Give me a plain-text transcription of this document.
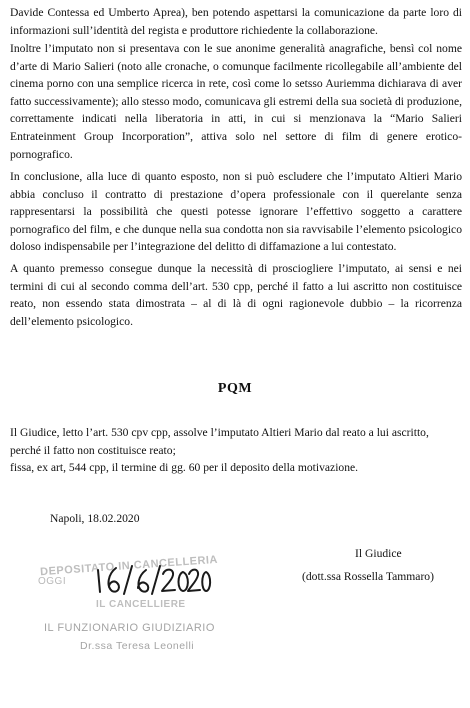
Davide Contessa ed Umberto Aprea), ben potendo aspettarsi la comunicazione da parte loro di informazioni sull’identità del regista e produttore richiedente la collaborazione.

Inoltre l’imputato non si presentava con le sue anonime generalità anagrafiche, bensì col nome d’arte di Mario Salieri (noto alle cronache, o comunque facilmente ricollegabile all’ambiente del cinema porno con una semplice ricerca in rete, così come lo setsso Auriemma dichiarava di aver fatto successivamente); allo stesso modo, comunicava gli estremi della sua società di produzione, correttamente indicati nella liberatoria in atti, in cui si menzionava la “Mario Salieri Entrateinment Group Incorporation”, attiva solo nel settore di film di genere erotico-pornografico.

In conclusione, alla luce di quanto esposto, non si può escludere che l’imputato Altieri Mario abbia concluso il contratto di prestazione d’opera professionale con il querelante senza rappresentarsi la possibilità che questi potesse ignorare l’effettivo soggetto a carattere pornografico del film, e che dunque nella sua condotta non sia ravvisabile l’elemento psicologico doloso indispensabile per l’integrazione del delitto di diffamazione a lui contestato.

A quanto premesso consegue dunque la necessità di prosciogliere l’imputato, ai sensi e nei termini di cui al secondo comma dell’art. 530 cpp, perché il fatto a lui ascritto non costituisce reato, non essendo stata dimostrata – al di là di ogni ragionevole dubbio – la ricorrenza dell’elemento psicologico.

PQM

Il Giudice, letto l’art. 530 cpv cpp, assolve l’imputato Altieri Mario dal reato a lui ascritto, perché il fatto non costituisce reato;
fissa, ex art, 544 cpp, il termine di gg. 60 per il deposito della motivazione.

Napoli, 18.02.2020

Il Giudice

(dott.ssa Rossella Tammaro)

DEPOSITATO IN CANCELLERIA
OGGI
IL CANCELLIERE
IL FUNZIONARIO GIUDIZIARIO
Dr.ssa Teresa Leonelli
